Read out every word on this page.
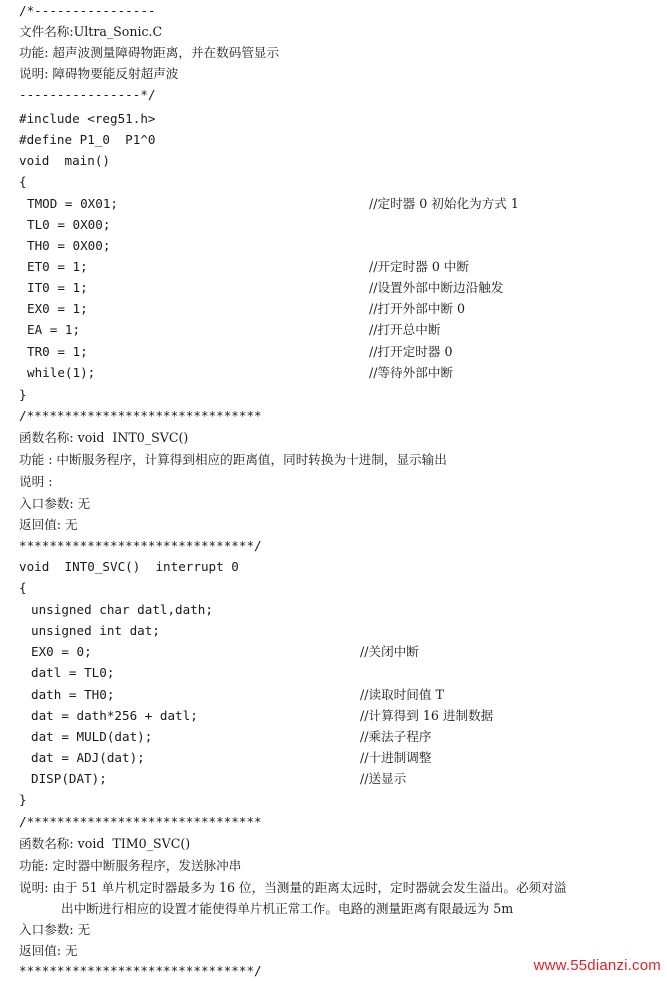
/*----------------
文件名称:Ultra_Sonic.C
功能: 超声波测量障碍物距离，并在数码管显示
说明: 障碍物要能反射超声波
----------------*/
#include <reg51.h>
#define P1_0  P1^0
void  main()
{

TMOD = 0X01;

	//定时器 0 初始化为方式 1

TL0 = 0X00;

TH0 = 0X00;

ET0 = 1;

	//开定时器 0 中断

IT0 = 1;

	//设置外部中断边沿触发

EX0 = 1;

	//打开外部中断 0

EA = 1;

	//打开总中断

TR0 = 1;

	//打开定时器 0

while(1);

	//等待外部中断

}
/*******************************
函数名称: void  INT0_SVC()
功能 : 中断服务程序，计算得到相应的距离值，同时转换为十进制，显示输出
说明 :
入口参数: 无
返回值: 无
*******************************/
void  INT0_SVC()  interrupt 0
{

unsigned char datl,dath;

unsigned int dat;

EX0 = 0;

	//关闭中断

datl = TL0;

dath = TH0;

	//读取时间值 T

dat = dath*256 + datl;

	//计算得到 16 进制数据

dat = MULD(dat);

	//乘法子程序

dat = ADJ(dat);

	//十进制调整

DISP(DAT);

	//送显示

}
/*******************************
函数名称: void  TIM0_SVC()
功能: 定时器中断服务程序，发送脉冲串
说明: 由于 51 单片机定时器最多为 16 位，当测量的距离太远时，定时器就会发生溢出。必须对溢
出中断进行相应的设置才能使得单片机正常工作。电路的测量距离有限最远为 5m
入口参数: 无
返回值: 无
*******************************/	www.55dianzi.com
